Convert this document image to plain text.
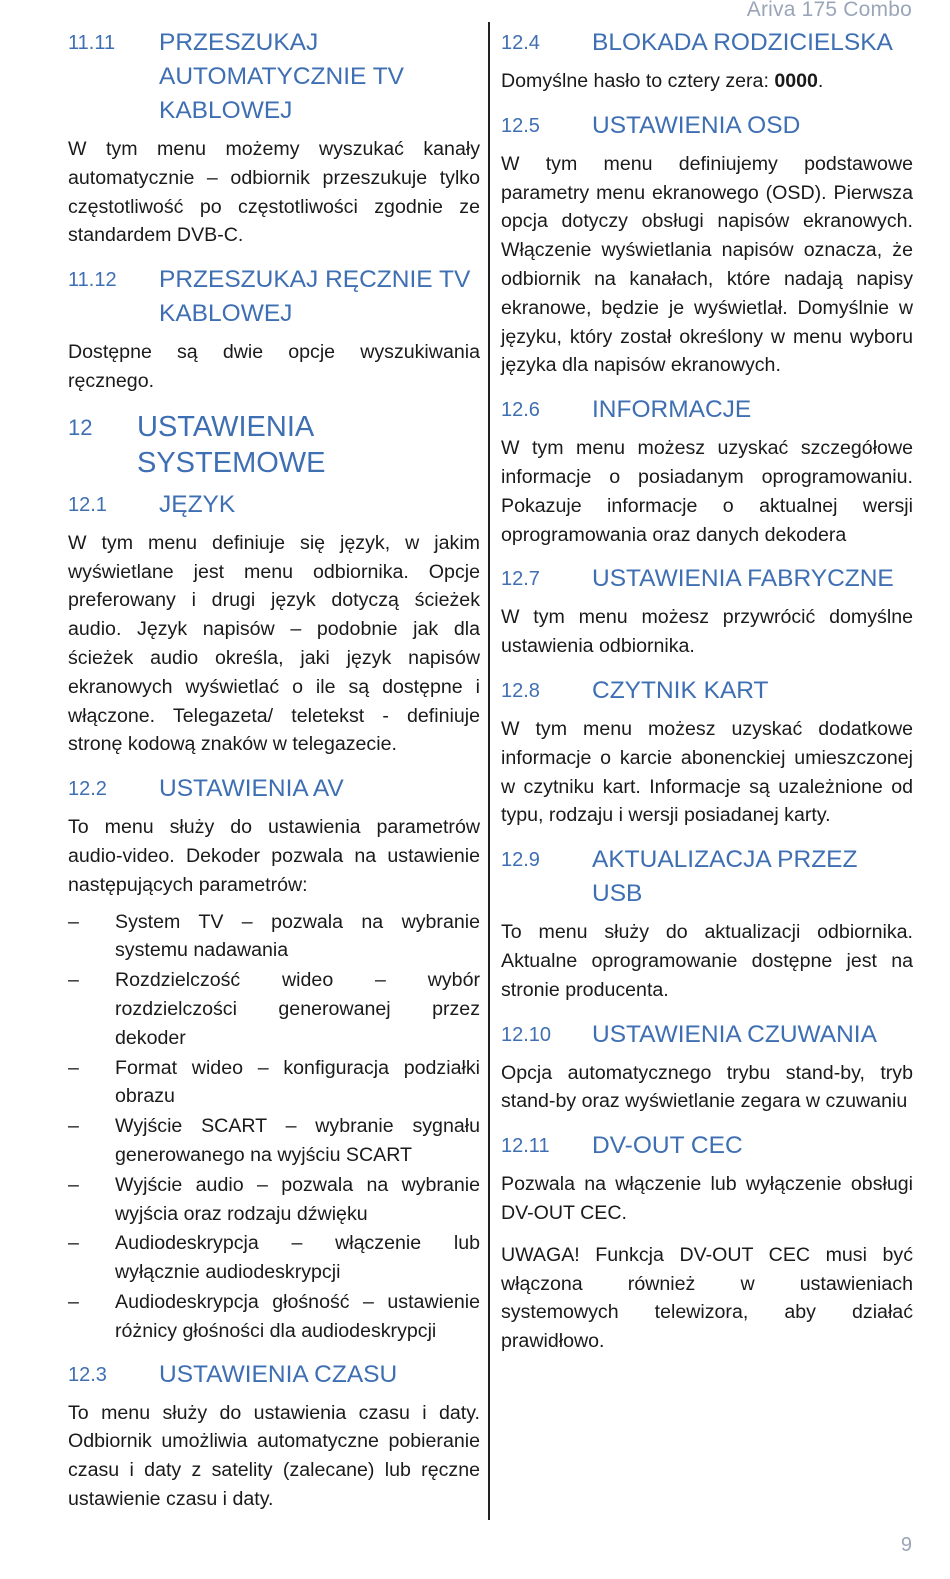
Ariva 175 Combo
11.11	PRZESZUKAJ AUTOMATYCZNIE TV KABLOWEJ

W tym menu możemy wyszukać kanały automatycznie – odbiornik przeszukuje tylko częstotliwość po częstotliwości zgodnie ze standardem DVB-C.

11.12	PRZESZUKAJ RĘCZNIE TV KABLOWEJ

Dostępne są dwie opcje wyszukiwania ręcznego.

12	USTAWIENIA SYSTEMOWE
12.1	JĘZYK

W tym menu definiuje się język, w jakim wyświetlane jest menu odbiornika. Opcje preferowany i drugi język dotyczą ścieżek audio. Język napisów – podobnie jak dla ścieżek audio określa, jaki język napisów ekranowych wyświetlać o ile są dostępne i włączone. Telegazeta/ teletekst - definiuje stronę kodową znaków w telegazecie.

12.2	USTAWIENIA AV

To menu służy do ustawienia parametrów audio-video. Dekoder pozwala na ustawienie następujących parametrów:

–	System TV – pozwala na wybranie systemu nadawania
–	Rozdzielczość wideo – wybór rozdzielczości generowanej przez dekoder
–	Format wideo – konfiguracja podziałki obrazu
–	Wyjście SCART – wybranie sygnału generowanego na wyjściu SCART
–	Wyjście audio – pozwala na wybranie wyjścia oraz rodzaju dźwięku
–	Audiodeskrypcja – włączenie lub wyłącznie audiodeskrypcji
–	Audiodeskrypcja głośność – ustawienie różnicy głośności dla audiodeskrypcji
12.3	USTAWIENIA CZASU

To menu służy do ustawienia czasu i daty. Odbiornik umożliwia automatyczne pobieranie czasu i daty z satelity (zalecane) lub ręczne ustawienie czasu i daty.

12.4	BLOKADA RODZICIELSKA

Domyślne hasło to cztery zera: 0000.

12.5	USTAWIENIA OSD

W tym menu definiujemy podstawowe parametry menu ekranowego (OSD). Pierwsza opcja dotyczy obsługi napisów ekranowych. Włączenie wyświetlania napisów oznacza, że odbiornik na kanałach, które nadają napisy ekranowe, będzie je wyświetlał. Domyślnie w języku, który został określony w menu wyboru języka dla napisów ekranowych.

12.6	INFORMACJE

W tym menu możesz uzyskać szczegółowe informacje o posiadanym oprogramowaniu. Pokazuje informacje o aktualnej wersji oprogramowania oraz danych dekodera

12.7	USTAWIENIA FABRYCZNE

W tym menu możesz przywrócić domyślne ustawienia odbiornika.

12.8	CZYTNIK KART

W tym menu możesz uzyskać dodatkowe informacje o karcie abonenckiej umieszczonej w czytniku kart. Informacje są uzależnione od typu, rodzaju i wersji posiadanej karty.

12.9	AKTUALIZACJA PRZEZ USB

To menu służy do aktualizacji odbiornika. Aktualne oprogramowanie dostępne jest na stronie producenta.

12.10	USTAWIENIA CZUWANIA

Opcja automatycznego trybu stand-by, tryb stand-by oraz wyświetlanie zegara w czuwaniu

12.11	DV-OUT CEC

Pozwala na włączenie lub wyłączenie obsługi DV-OUT CEC.

UWAGA! Funkcja DV-OUT CEC musi być włączona również w ustawieniach systemowych telewizora, aby działać prawidłowo.

9
